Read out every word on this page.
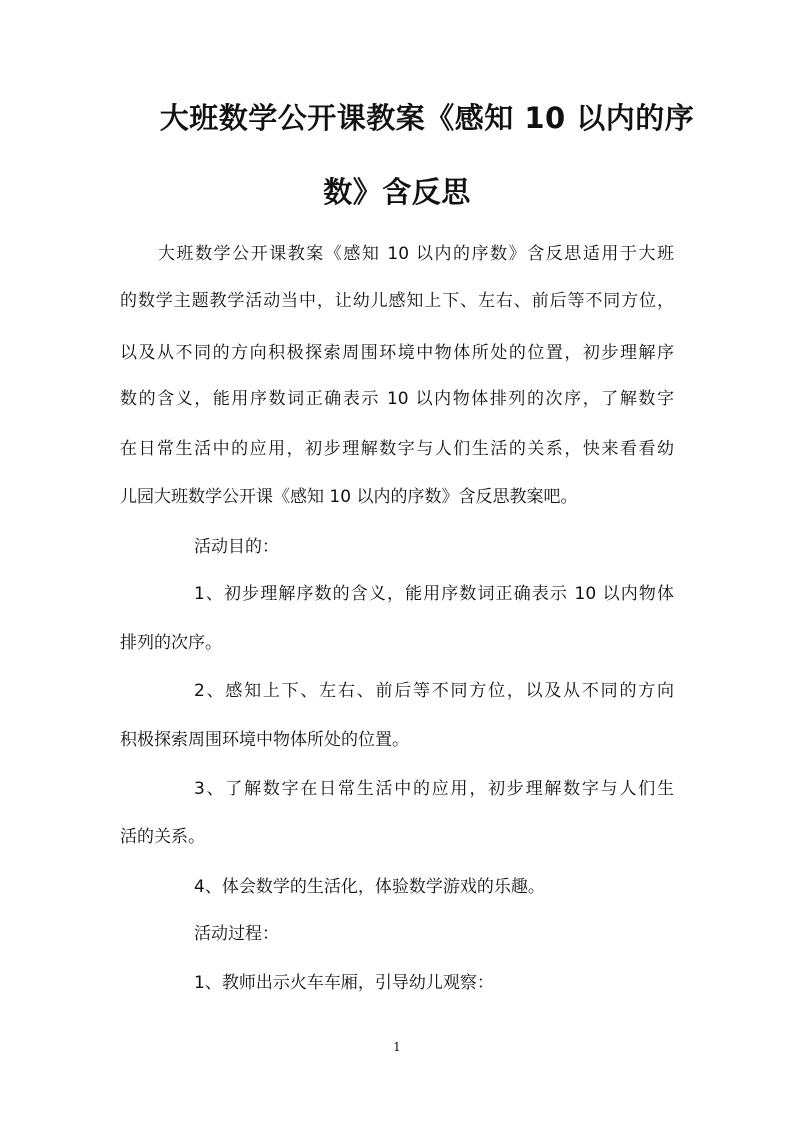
大班数学公开课教案《感知 10 以内的序
数》含反思
大班数学公开课教案《感知 10 以内的序数》含反思适用于大班
的数学主题教学活动当中，让幼儿感知上下、左右、前后等不同方位，
以及从不同的方向积极探索周围环境中物体所处的位置，初步理解序
数的含义，能用序数词正确表示 10 以内物体排列的次序，了解数字
在日常生活中的应用，初步理解数字与人们生活的关系，快来看看幼
儿园大班数学公开课《感知 10 以内的序数》含反思教案吧。
活动目的：
1、初步理解序数的含义，能用序数词正确表示 10 以内物体
排列的次序。
2、感知上下、左右、前后等不同方位，以及从不同的方向
积极探索周围环境中物体所处的位置。
3、了解数字在日常生活中的应用，初步理解数字与人们生
活的关系。
4、体会数学的生活化，体验数学游戏的乐趣。
活动过程：
1、教师出示火车车厢，引导幼儿观察：
1
